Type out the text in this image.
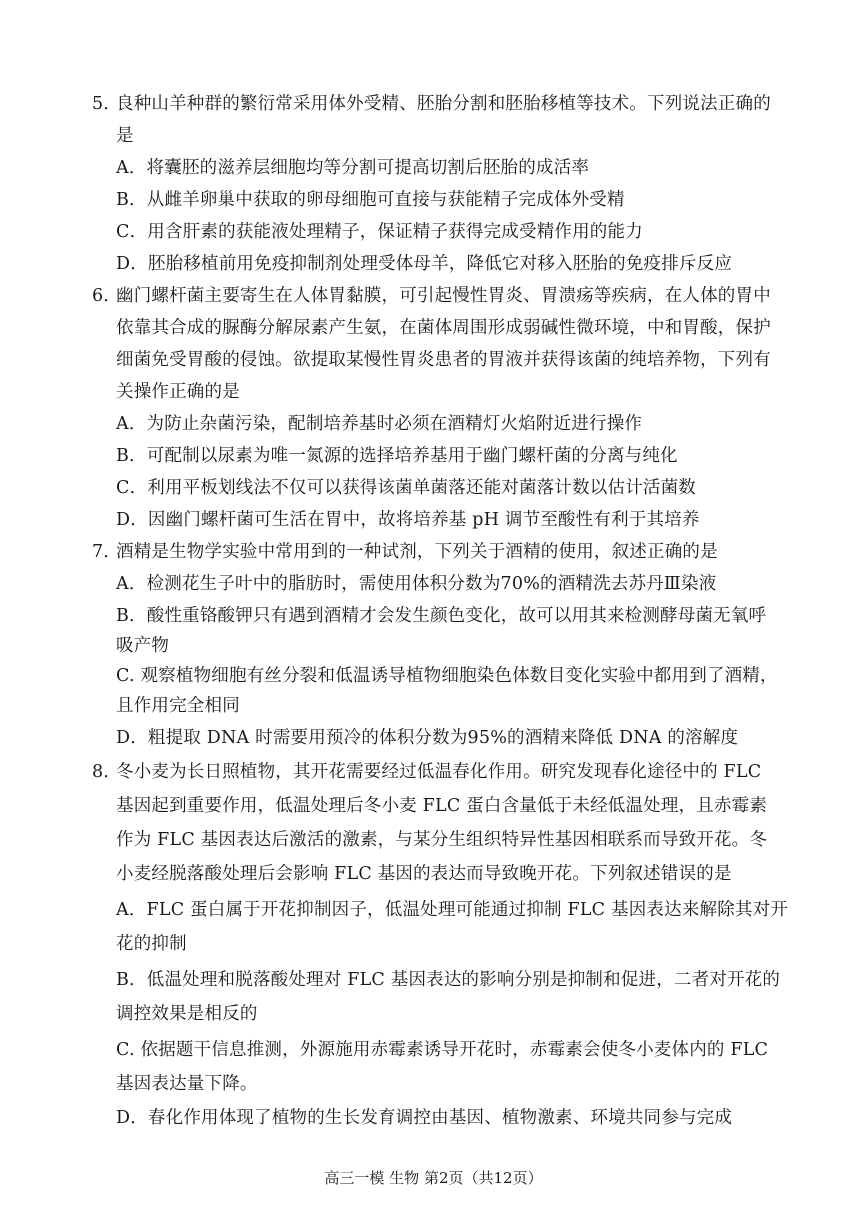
5．
良种山羊种群的繁衍常采用体外受精、胚胎分割和胚胎移植等技术。下列说法正确的
是
A．将囊胚的滋养层细胞均等分割可提高切割后胚胎的成活率
B．从雌羊卵巢中获取的卵母细胞可直接与获能精子完成体外受精
C．用含肝素的获能液处理精子，保证精子获得完成受精作用的能力
D．胚胎移植前用免疫抑制剂处理受体母羊，降低它对移入胚胎的免疫排斥反应
6．
幽门螺杆菌主要寄生在人体胃黏膜，可引起慢性胃炎、胃溃疡等疾病，在人体的胃中
依靠其合成的脲酶分解尿素产生氨，在菌体周围形成弱碱性微环境，中和胃酸，保护
细菌免受胃酸的侵蚀。欲提取某慢性胃炎患者的胃液并获得该菌的纯培养物，下列有
关操作正确的是
A．为防止杂菌污染，配制培养基时必须在酒精灯火焰附近进行操作
B．可配制以尿素为唯一氮源的选择培养基用于幽门螺杆菌的分离与纯化
C．利用平板划线法不仅可以获得该菌单菌落还能对菌落计数以估计活菌数
D．因幽门螺杆菌可生活在胃中，故将培养基 pH 调节至酸性有利于其培养
7．
酒精是生物学实验中常用到的一种试剂，下列关于酒精的使用，叙述正确的是
A．检测花生子叶中的脂肪时，需使用体积分数为70%的酒精洗去苏丹Ⅲ染液
B．酸性重铬酸钾只有遇到酒精才会发生颜色变化，故可以用其来检测酵母菌无氧呼
吸产物
C. 观察植物细胞有丝分裂和低温诱导植物细胞染色体数目变化实验中都用到了酒精，
且作用完全相同
D．粗提取 DNA 时需要用预冷的体积分数为95%的酒精来降低 DNA 的溶解度
8．
冬小麦为长日照植物，其开花需要经过低温春化作用。研究发现春化途径中的 FLC
基因起到重要作用，低温处理后冬小麦 FLC 蛋白含量低于未经低温处理，且赤霉素
作为 FLC 基因表达后激活的激素，与某分生组织特异性基因相联系而导致开花。冬
小麦经脱落酸处理后会影响 FLC 基因的表达而导致晚开花。下列叙述错误的是
A．FLC 蛋白属于开花抑制因子，低温处理可能通过抑制 FLC 基因表达来解除其对开
花的抑制
B．低温处理和脱落酸处理对 FLC 基因表达的影响分别是抑制和促进，二者对开花的
调控效果是相反的
C. 依据题干信息推测，外源施用赤霉素诱导开花时，赤霉素会使冬小麦体内的 FLC
基因表达量下降。
D．春化作用体现了植物的生长发育调控由基因、植物激素、环境共同参与完成
高三一模 生物 第2页（共12页）
